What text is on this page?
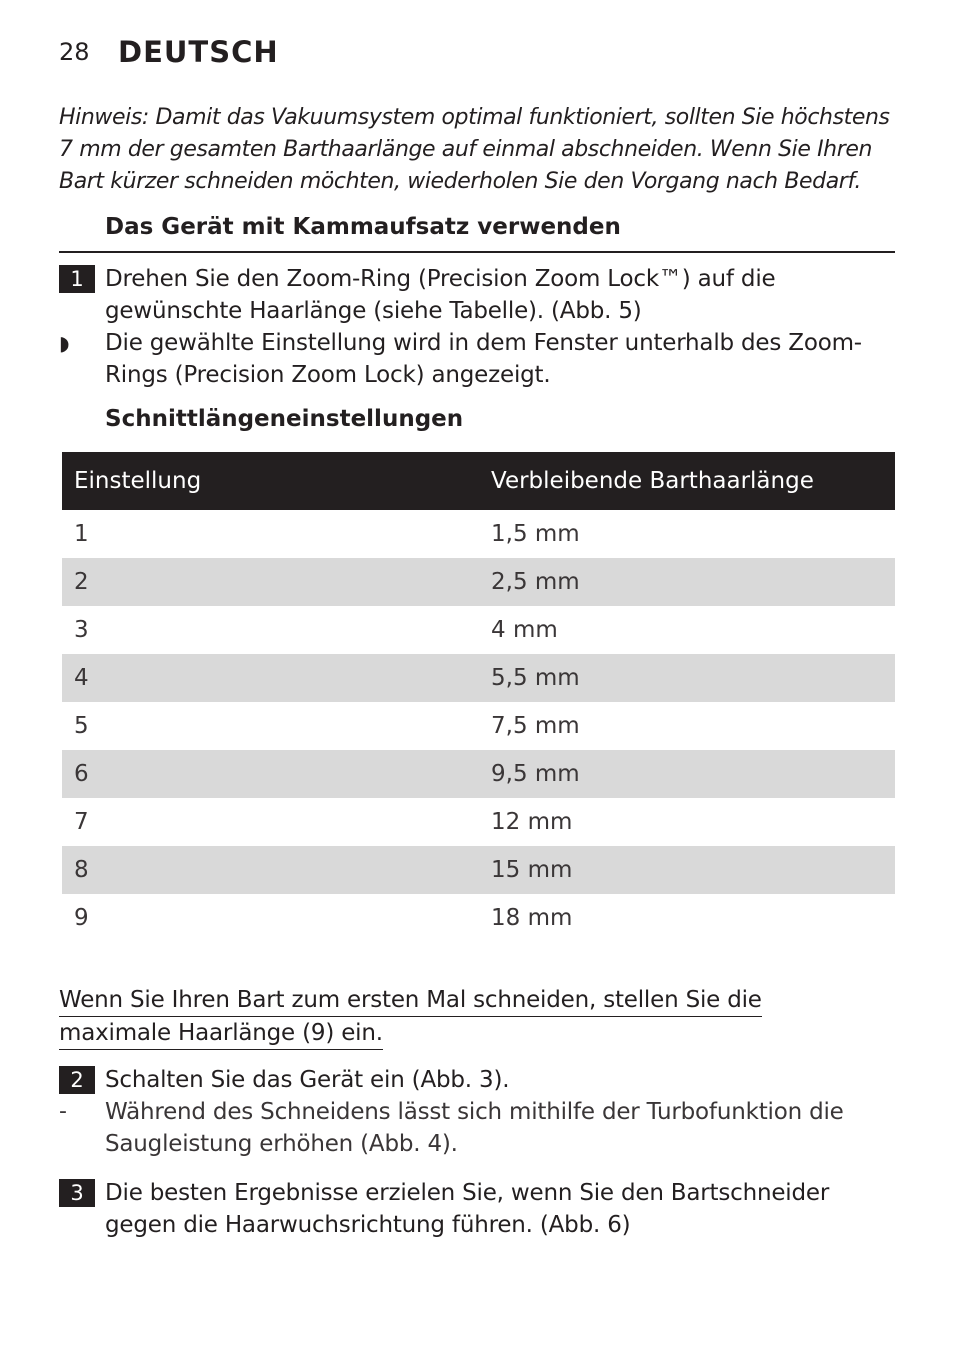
28 DEUTSCH
Hinweis: Damit das Vakuumsystem optimal funktioniert, sollten Sie höchstens 7 mm der gesamten Barthaarlänge auf einmal abschneiden. Wenn Sie Ihren Bart kürzer schneiden möchten, wiederholen Sie den Vorgang nach Bedarf.
Das Gerät mit Kammaufsatz verwenden
1 Drehen Sie den Zoom-Ring (Precision Zoom Lock™) auf die gewünschte Haarlänge (siehe Tabelle). (Abb. 5)
◗ Die gewählte Einstellung wird in dem Fenster unterhalb des Zoom-Rings (Precision Zoom Lock) angezeigt.
Schnittlängeneinstellungen
Einstellung	Verbleibende Barthaarlänge
1	1,5 mm
2	2,5 mm
3	4 mm
4	5,5 mm
5	7,5 mm
6	9,5 mm
7	12 mm
8	15 mm
9	18 mm
Wenn Sie Ihren Bart zum ersten Mal schneiden, stellen Sie die
maximale Haarlänge (9) ein.
2 Schalten Sie das Gerät ein (Abb. 3).
- Während des Schneidens lässt sich mithilfe der Turbofunktion die Saugleistung erhöhen (Abb. 4).
3 Die besten Ergebnisse erzielen Sie, wenn Sie den Bartschneider gegen die Haarwuchsrichtung führen. (Abb. 6)
